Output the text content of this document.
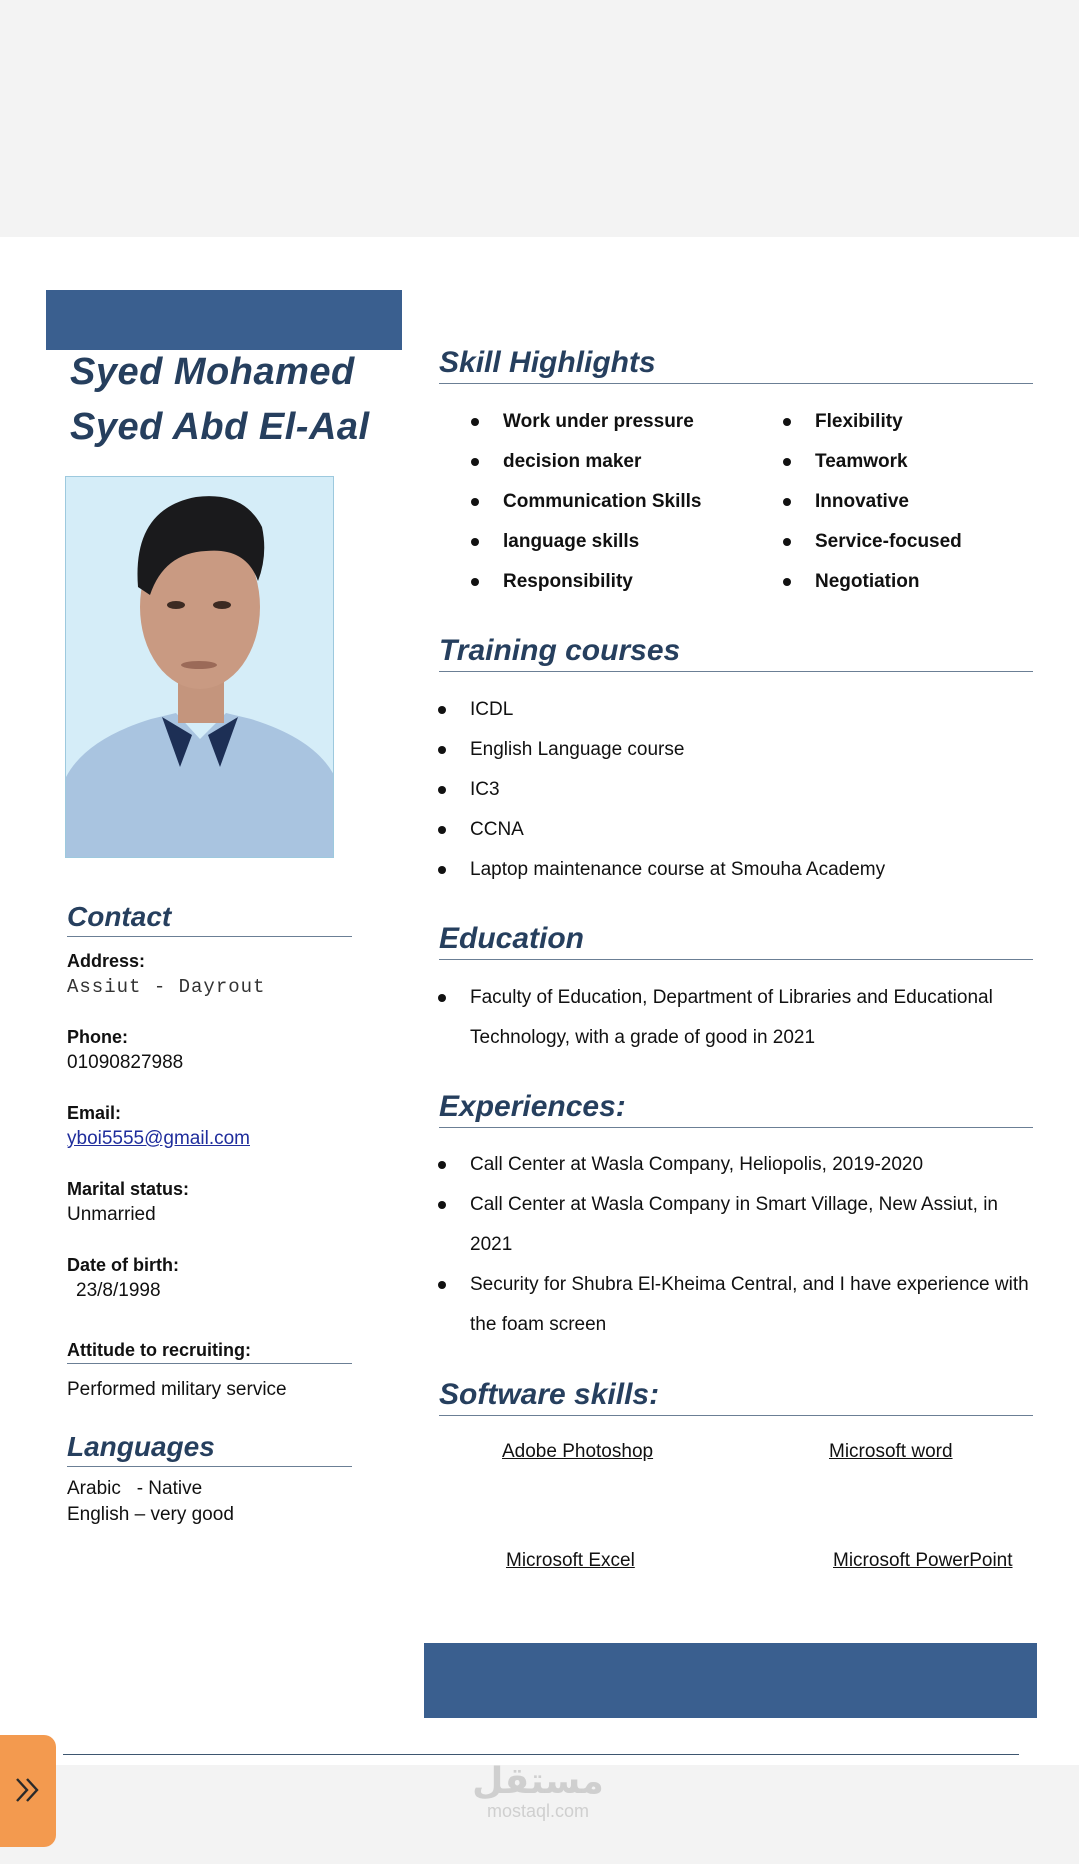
Syed Mohamed
Syed Abd El-Aal
Contact
Address:
Assiut - Dayrout
Phone:
01090827988
Email:
yboi5555@gmail.com
Marital status:
Unmarried
Date of birth:
23/8/1998
Attitude to recruiting:
Performed military service
Languages
Arabic   - Native
English – very good
Skill Highlights
Work under pressure
decision maker
Communication Skills
language skills
Responsibility
Flexibility
Teamwork
Innovative
Service-focused
Negotiation
Training courses
ICDL
English Language course
IC3
CCNA
Laptop maintenance course at Smouha Academy
Education
Faculty of Education, Department of Libraries and Educational Technology, with a grade of good in 2021
Experiences:
Call Center at Wasla Company, Heliopolis, 2019-2020
Call Center at Wasla Company in Smart Village, New Assiut, in 2021
Security for Shubra El-Kheima Central, and I have experience with the foam screen
Software skills:
Adobe Photoshop	Microsoft word
Microsoft Excel	Microsoft PowerPoint
مستقل
mostaql.com
